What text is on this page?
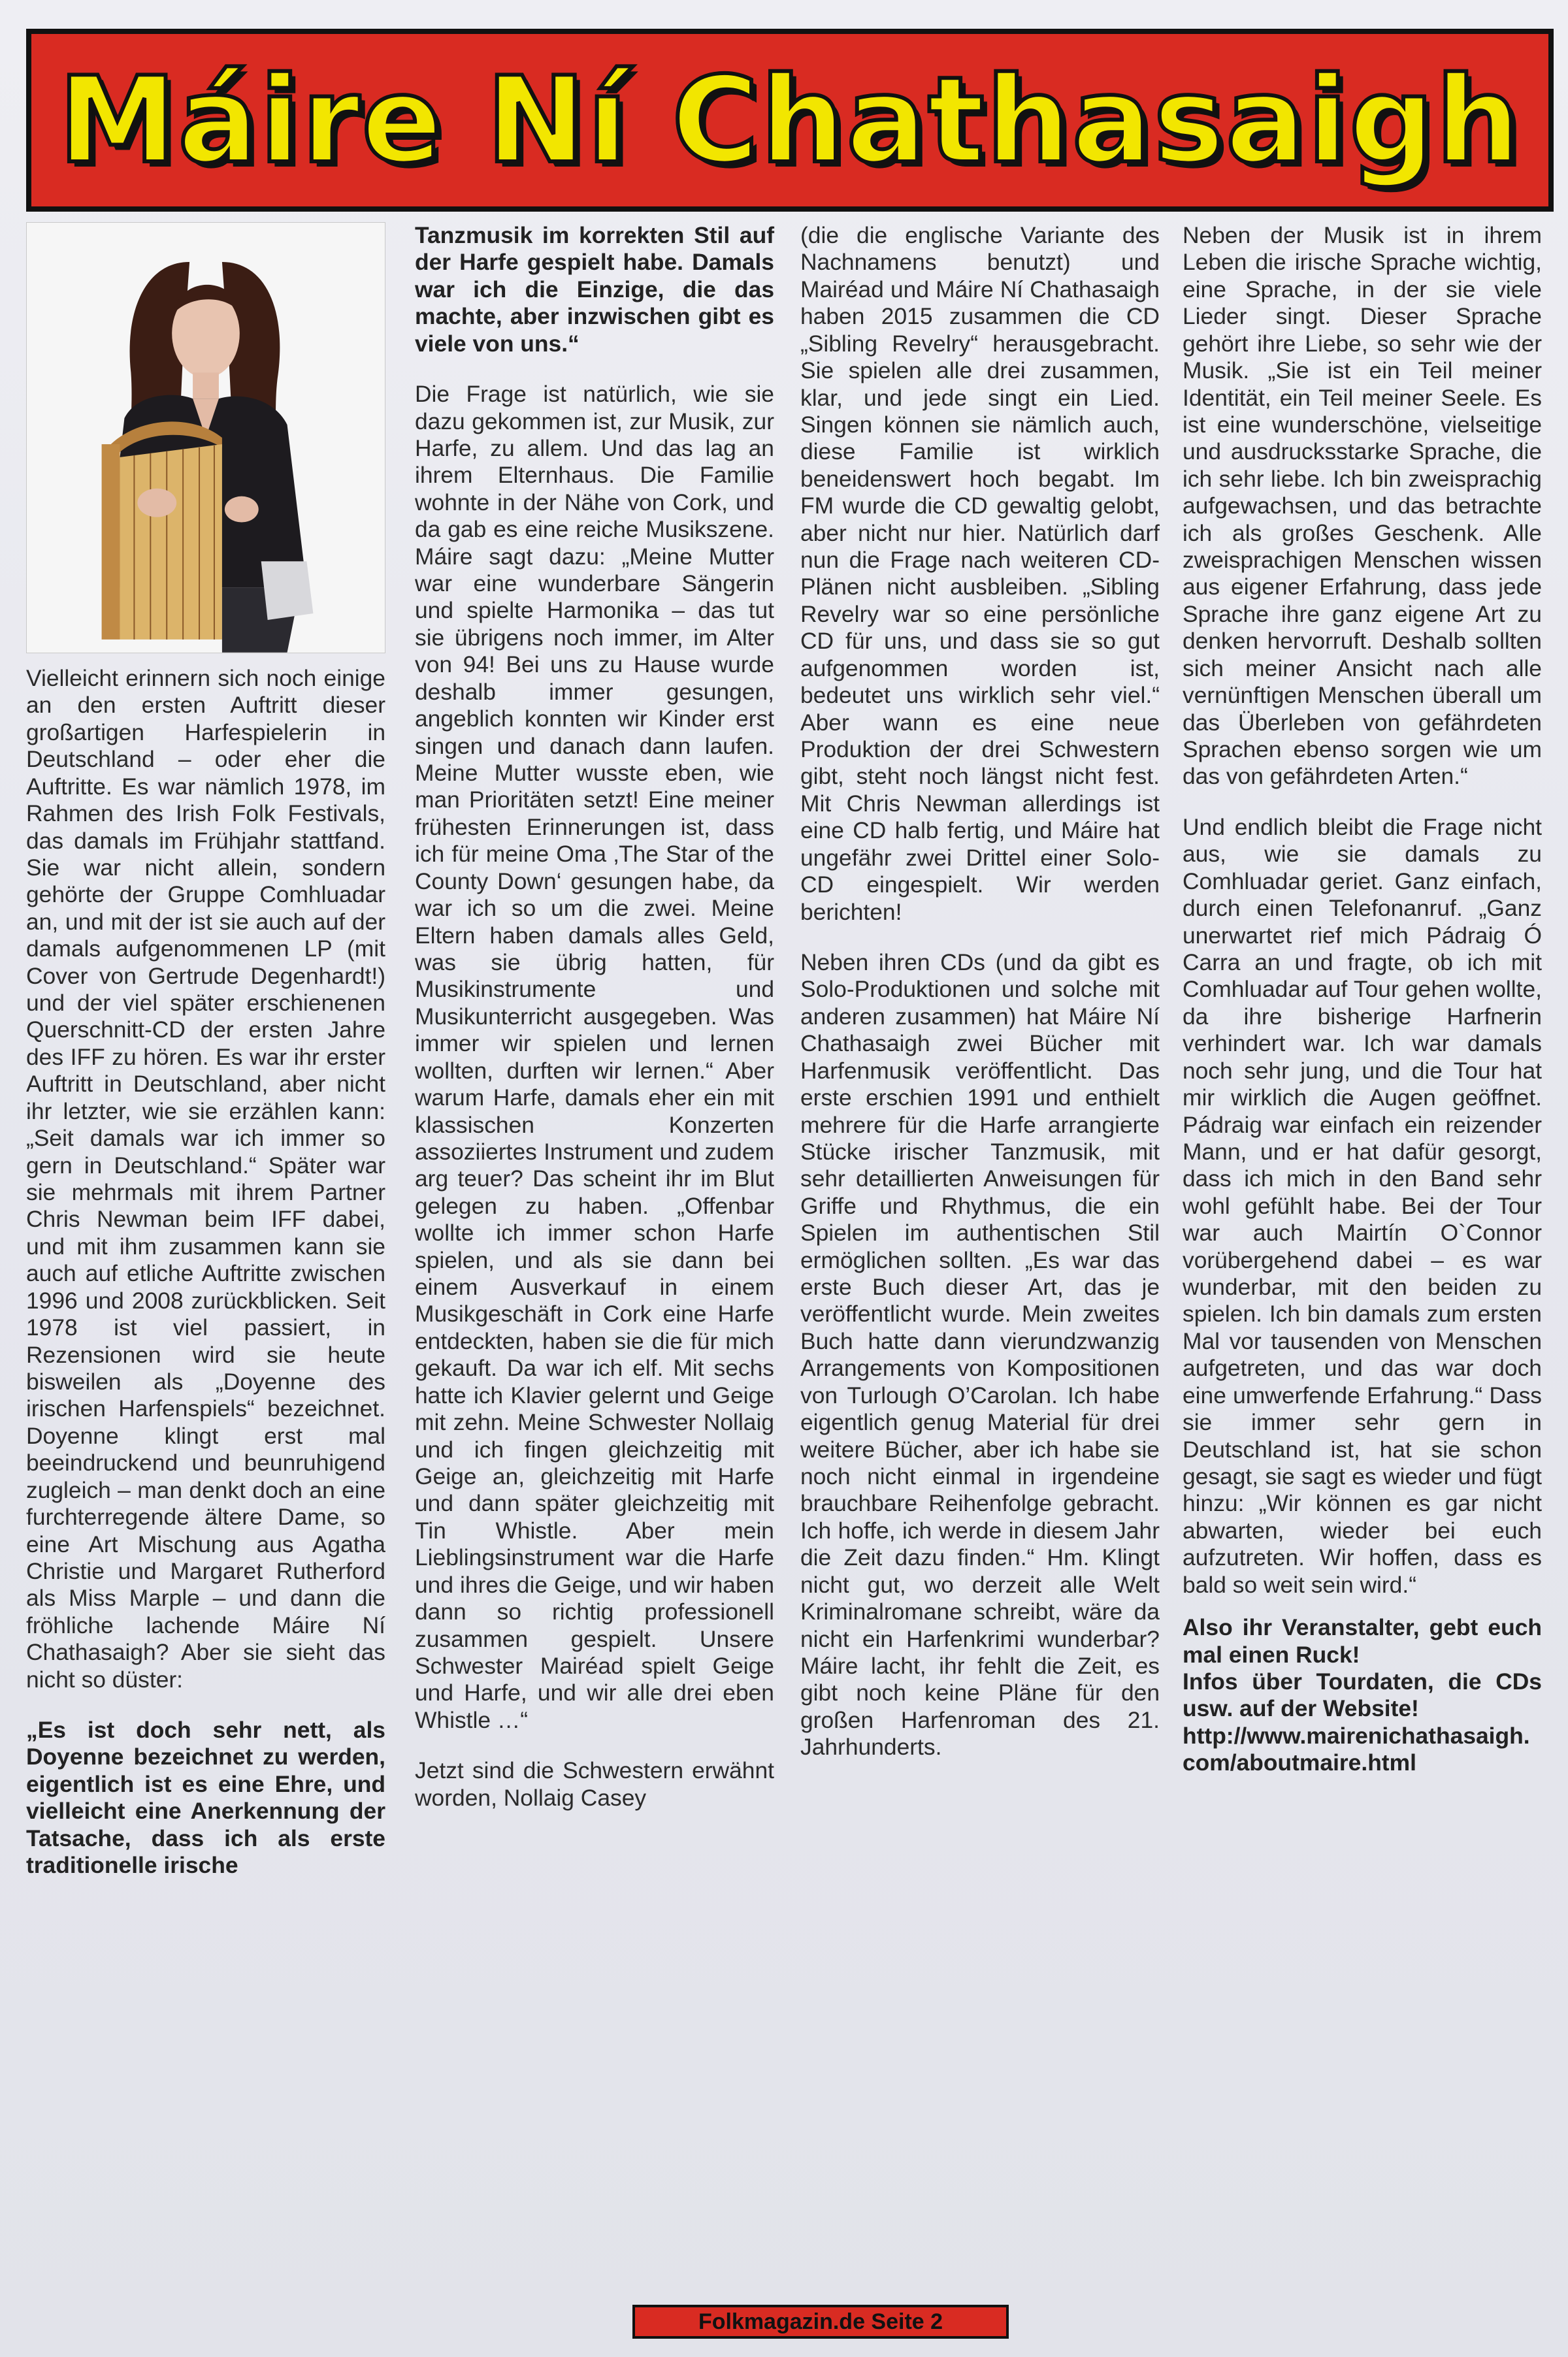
Máire Ní Chathasaigh

Vielleicht erinnern sich noch einige an den ersten Auftritt dieser großartigen Harfespielerin in Deutschland – oder eher die Auftritte. Es war nämlich 1978, im Rahmen des Irish Folk Festivals, das damals im Frühjahr stattfand. Sie war nicht allein, sondern gehörte der Gruppe Comhluadar an, und mit der ist sie auch auf der damals aufgenommenen LP (mit Cover von Gertrude Degenhardt!) und der viel später erschienenen Querschnitt-CD der ersten Jahre des IFF zu hören. Es war ihr erster Auftritt in Deutschland, aber nicht ihr letzter, wie sie erzählen kann: „Seit damals war ich immer so gern in Deutschland.“ Später war sie mehrmals mit ihrem Partner Chris Newman beim IFF dabei, und mit ihm zusammen kann sie auch auf etliche Auftritte zwischen 1996 und 2008 zurückblicken. Seit 1978 ist viel passiert, in Rezensionen wird sie heute bisweilen als „Doyenne des irischen Harfenspiels“ bezeichnet. Doyenne klingt erst mal beeindruckend und beunruhigend zugleich – man denkt doch an eine furchterregende ältere Dame, so eine Art Mischung aus Agatha Christie und Margaret Rutherford als Miss Marple – und dann die fröhliche lachende Máire Ní Chathasaigh? Aber sie sieht das nicht so düster:

„Es ist doch sehr nett, als Doyenne bezeichnet zu werden, eigentlich ist es eine Ehre, und vielleicht eine Anerkennung der Tatsache, dass ich als erste traditionelle irische

Tanzmusik im korrekten Stil auf der Harfe gespielt habe. Damals war ich die Einzige, die das machte, aber inzwischen gibt es viele von uns.“

Die Frage ist natürlich, wie sie dazu gekommen ist, zur Musik, zur Harfe, zu allem. Und das lag an ihrem Elternhaus. Die Familie wohnte in der Nähe von Cork, und da gab es eine reiche Musikszene. Máire sagt dazu: „Meine Mutter war eine wunderbare Sängerin und spielte Harmonika – das tut sie übrigens noch immer, im Alter von 94! Bei uns zu Hause wurde deshalb immer gesungen, angeblich konnten wir Kinder erst singen und danach dann laufen. Meine Mutter wusste eben, wie man Prioritäten setzt! Eine meiner frühesten Erinnerungen ist, dass ich für meine Oma ‚The Star of the County Down‘ gesungen habe, da war ich so um die zwei. Meine Eltern haben damals alles Geld, was sie übrig hatten, für Musikinstrumente und Musikunterricht ausgegeben. Was immer wir spielen und lernen wollten, durften wir lernen.“ Aber warum Harfe, damals eher ein mit klassischen Konzerten assoziiertes Instrument und zudem arg teuer? Das scheint ihr im Blut gelegen zu haben. „Offenbar wollte ich immer schon Harfe spielen, und als sie dann bei einem Ausverkauf in einem Musikgeschäft in Cork eine Harfe entdeckten, haben sie die für mich gekauft. Da war ich elf. Mit sechs hatte ich Klavier gelernt und Geige mit zehn. Meine Schwester Nollaig und ich fingen gleichzeitig mit Geige an, gleichzeitig mit Harfe und dann später gleichzeitig mit Tin Whistle. Aber mein Lieblingsinstrument war die Harfe und ihres die Geige, und wir haben dann so richtig professionell zusammen gespielt. Unsere Schwester Mairéad spielt Geige und Harfe, und wir alle drei eben Whistle …“

Jetzt sind die Schwestern erwähnt worden, Nollaig Casey

(die die englische Variante des Nachnamens benutzt) und Mairéad und Máire Ní Chathasaigh haben 2015 zusammen die CD „Sibling Revelry“ herausgebracht. Sie spielen alle drei zusammen, klar, und jede singt ein Lied. Singen können sie nämlich auch, diese Familie ist wirklich beneidenswert hoch begabt. Im FM wurde die CD gewaltig gelobt, aber nicht nur hier. Natürlich darf nun die Frage nach weiteren CD-Plänen nicht ausbleiben. „Sibling Revelry war so eine persönliche CD für uns, und dass sie so gut aufgenommen worden ist, bedeutet uns wirklich sehr viel.“ Aber wann es eine neue Produktion der drei Schwestern gibt, steht noch längst nicht fest. Mit Chris Newman allerdings ist eine CD halb fertig, und Máire hat ungefähr zwei Drittel einer Solo-CD eingespielt. Wir werden berichten!

Neben ihren CDs (und da gibt es Solo-Produktionen und solche mit anderen zusammen) hat Máire Ní Chathasaigh zwei Bücher mit Harfenmusik veröffentlicht. Das erste erschien 1991 und enthielt mehrere für die Harfe arrangierte Stücke irischer Tanzmusik, mit sehr detaillierten Anweisungen für Griffe und Rhythmus, die ein Spielen im authentischen Stil ermöglichen sollten. „Es war das erste Buch dieser Art, das je veröffentlicht wurde. Mein zweites Buch hatte dann vierundzwanzig Arrangements von Kompositionen von Turlough O’Carolan. Ich habe eigentlich genug Material für drei weitere Bücher, aber ich habe sie noch nicht einmal in irgendeine brauchbare Reihenfolge gebracht. Ich hoffe, ich werde in diesem Jahr die Zeit dazu finden.“ Hm. Klingt nicht gut, wo derzeit alle Welt Kriminalromane schreibt, wäre da nicht ein Harfenkrimi wunderbar? Máire lacht, ihr fehlt die Zeit, es gibt noch keine Pläne für den großen Harfenroman des 21. Jahrhunderts.

Neben der Musik ist in ihrem Leben die irische Sprache wichtig, eine Sprache, in der sie viele Lieder singt. Dieser Sprache gehört ihre Liebe, so sehr wie der Musik. „Sie ist ein Teil meiner Identität, ein Teil meiner Seele. Es ist eine wunderschöne, vielseitige und ausdrucksstarke Sprache, die ich sehr liebe. Ich bin zweisprachig aufgewachsen, und das betrachte ich als großes Geschenk. Alle zweisprachigen Menschen wissen aus eigener Erfahrung, dass jede Sprache ihre ganz eigene Art zu denken hervorruft. Deshalb sollten sich meiner Ansicht nach alle vernünftigen Menschen überall um das Überleben von gefährdeten Sprachen ebenso sorgen wie um das von gefährdeten Arten.“

Und endlich bleibt die Frage nicht aus, wie sie damals zu Comhluadar geriet. Ganz einfach, durch einen Telefonanruf. „Ganz unerwartet rief mich Pádraig Ó Carra an und fragte, ob ich mit Comhluadar auf Tour gehen wollte, da ihre bisherige Harfnerin verhindert war. Ich war damals noch sehr jung, und die Tour hat mir wirklich die Augen geöffnet. Pádraig war einfach ein reizender Mann, und er hat dafür gesorgt, dass ich mich in den Band sehr wohl gefühlt habe. Bei der Tour war auch Mairtín O`Connor vorübergehend dabei – es war wunderbar, mit den beiden zu spielen. Ich bin damals zum ersten Mal vor tausenden von Menschen aufgetreten, und das war doch eine umwerfende Erfahrung.“ Dass sie immer sehr gern in Deutschland ist, hat sie schon gesagt, sie sagt es wieder und fügt hinzu: „Wir können es gar nicht abwarten, wieder bei euch aufzutreten. Wir hoffen, dass es bald so weit sein wird.“

Also ihr Veranstalter, gebt euch mal einen Ruck!

Infos über Tourdaten, die CDs usw. auf der Website!

http://www.mairenichathasaigh.com/aboutmaire.html

Folkmagazin.de Seite 2
